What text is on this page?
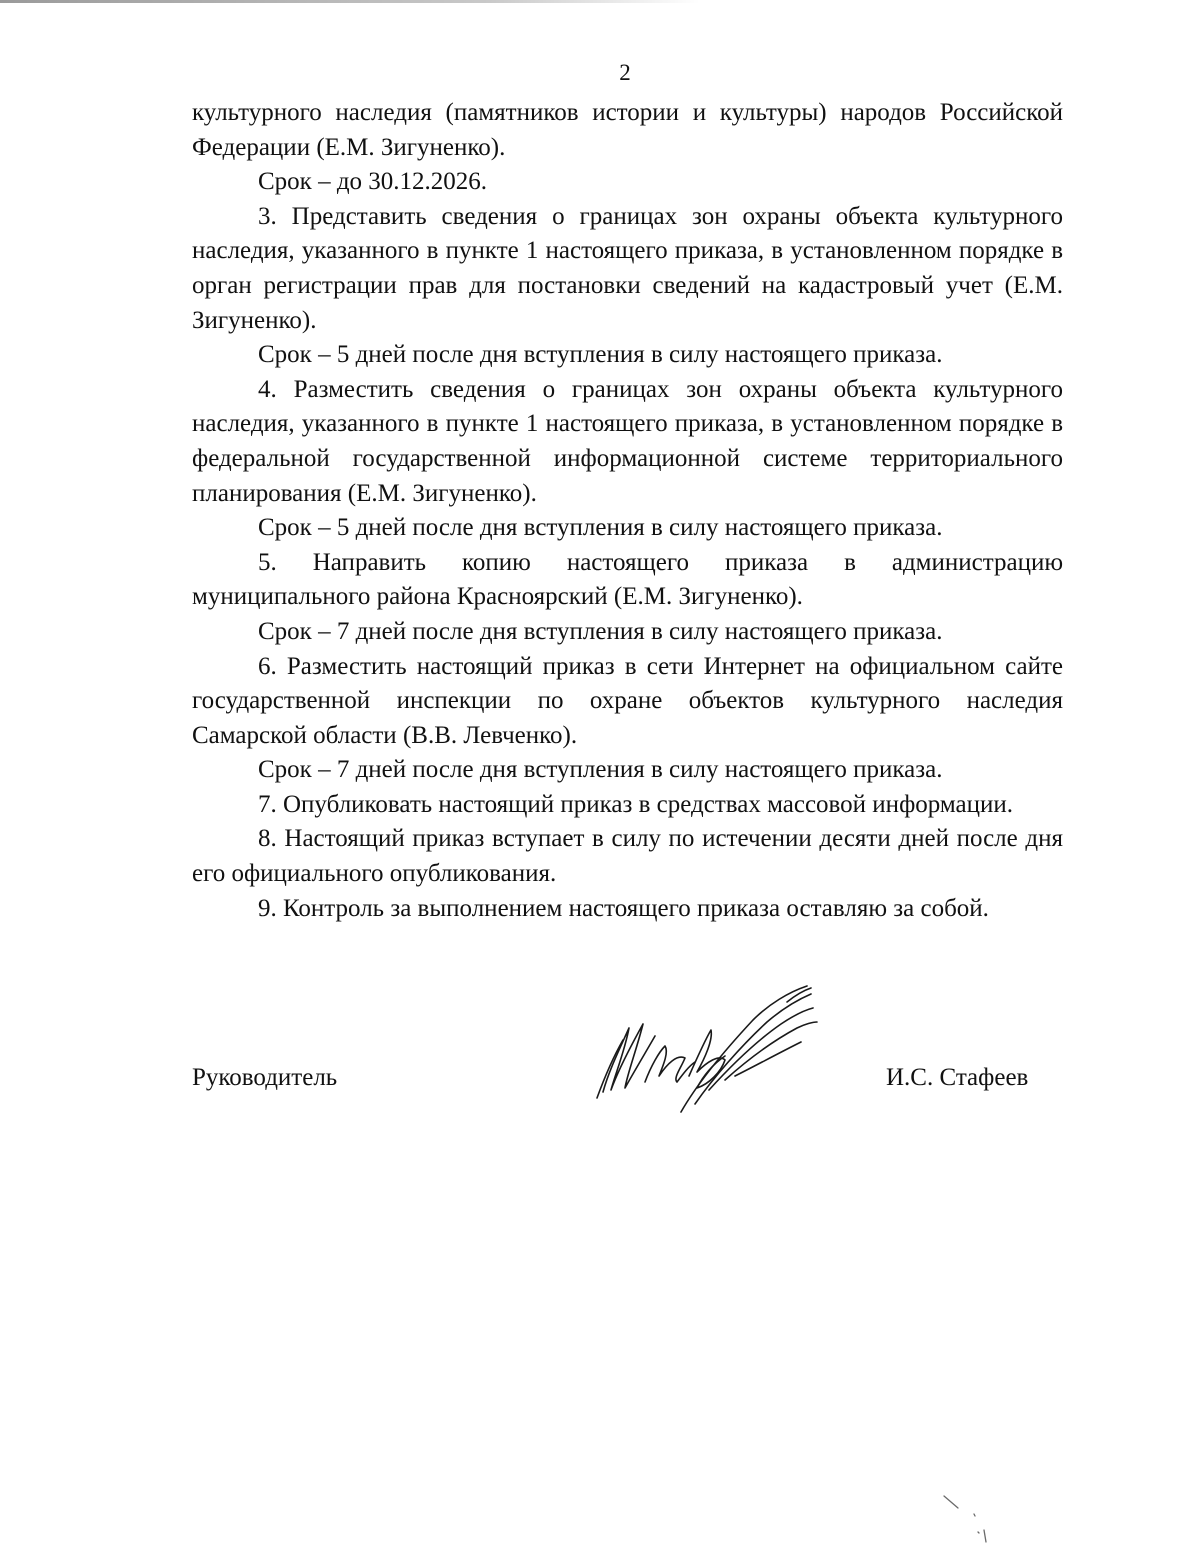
2

культурного наследия (памятников истории и культуры) народов Российской Федерации (Е.М. Зигуненко).

Срок – до 30.12.2026.

3. Представить сведения о границах зон охраны объекта культурного наследия, указанного в пункте 1 настоящего приказа, в установленном порядке в орган регистрации прав для постановки сведений на кадастровый учет (Е.М. Зигуненко).

Срок – 5 дней после дня вступления в силу настоящего приказа.

4. Разместить сведения о границах зон охраны объекта культурного наследия, указанного в пункте 1 настоящего приказа, в установленном порядке в федеральной государственной информационной системе территориального планирования (Е.М. Зигуненко).

Срок – 5 дней после дня вступления в силу настоящего приказа.

5. Направить копию настоящего приказа в администрацию муниципального района Красноярский (Е.М. Зигуненко).

Срок – 7 дней после дня вступления в силу настоящего приказа.

6. Разместить настоящий приказ в сети Интернет на официальном сайте государственной инспекции по охране объектов культурного наследия Самарской области (В.В. Левченко).

Срок – 7 дней после дня вступления в силу настоящего приказа.

7. Опубликовать настоящий приказ в средствах массовой информации.

8. Настоящий приказ вступает в силу по истечении десяти дней после дня его официального опубликования.

9. Контроль за выполнением настоящего приказа оставляю за собой.

Руководитель	И.С. Стафеев
